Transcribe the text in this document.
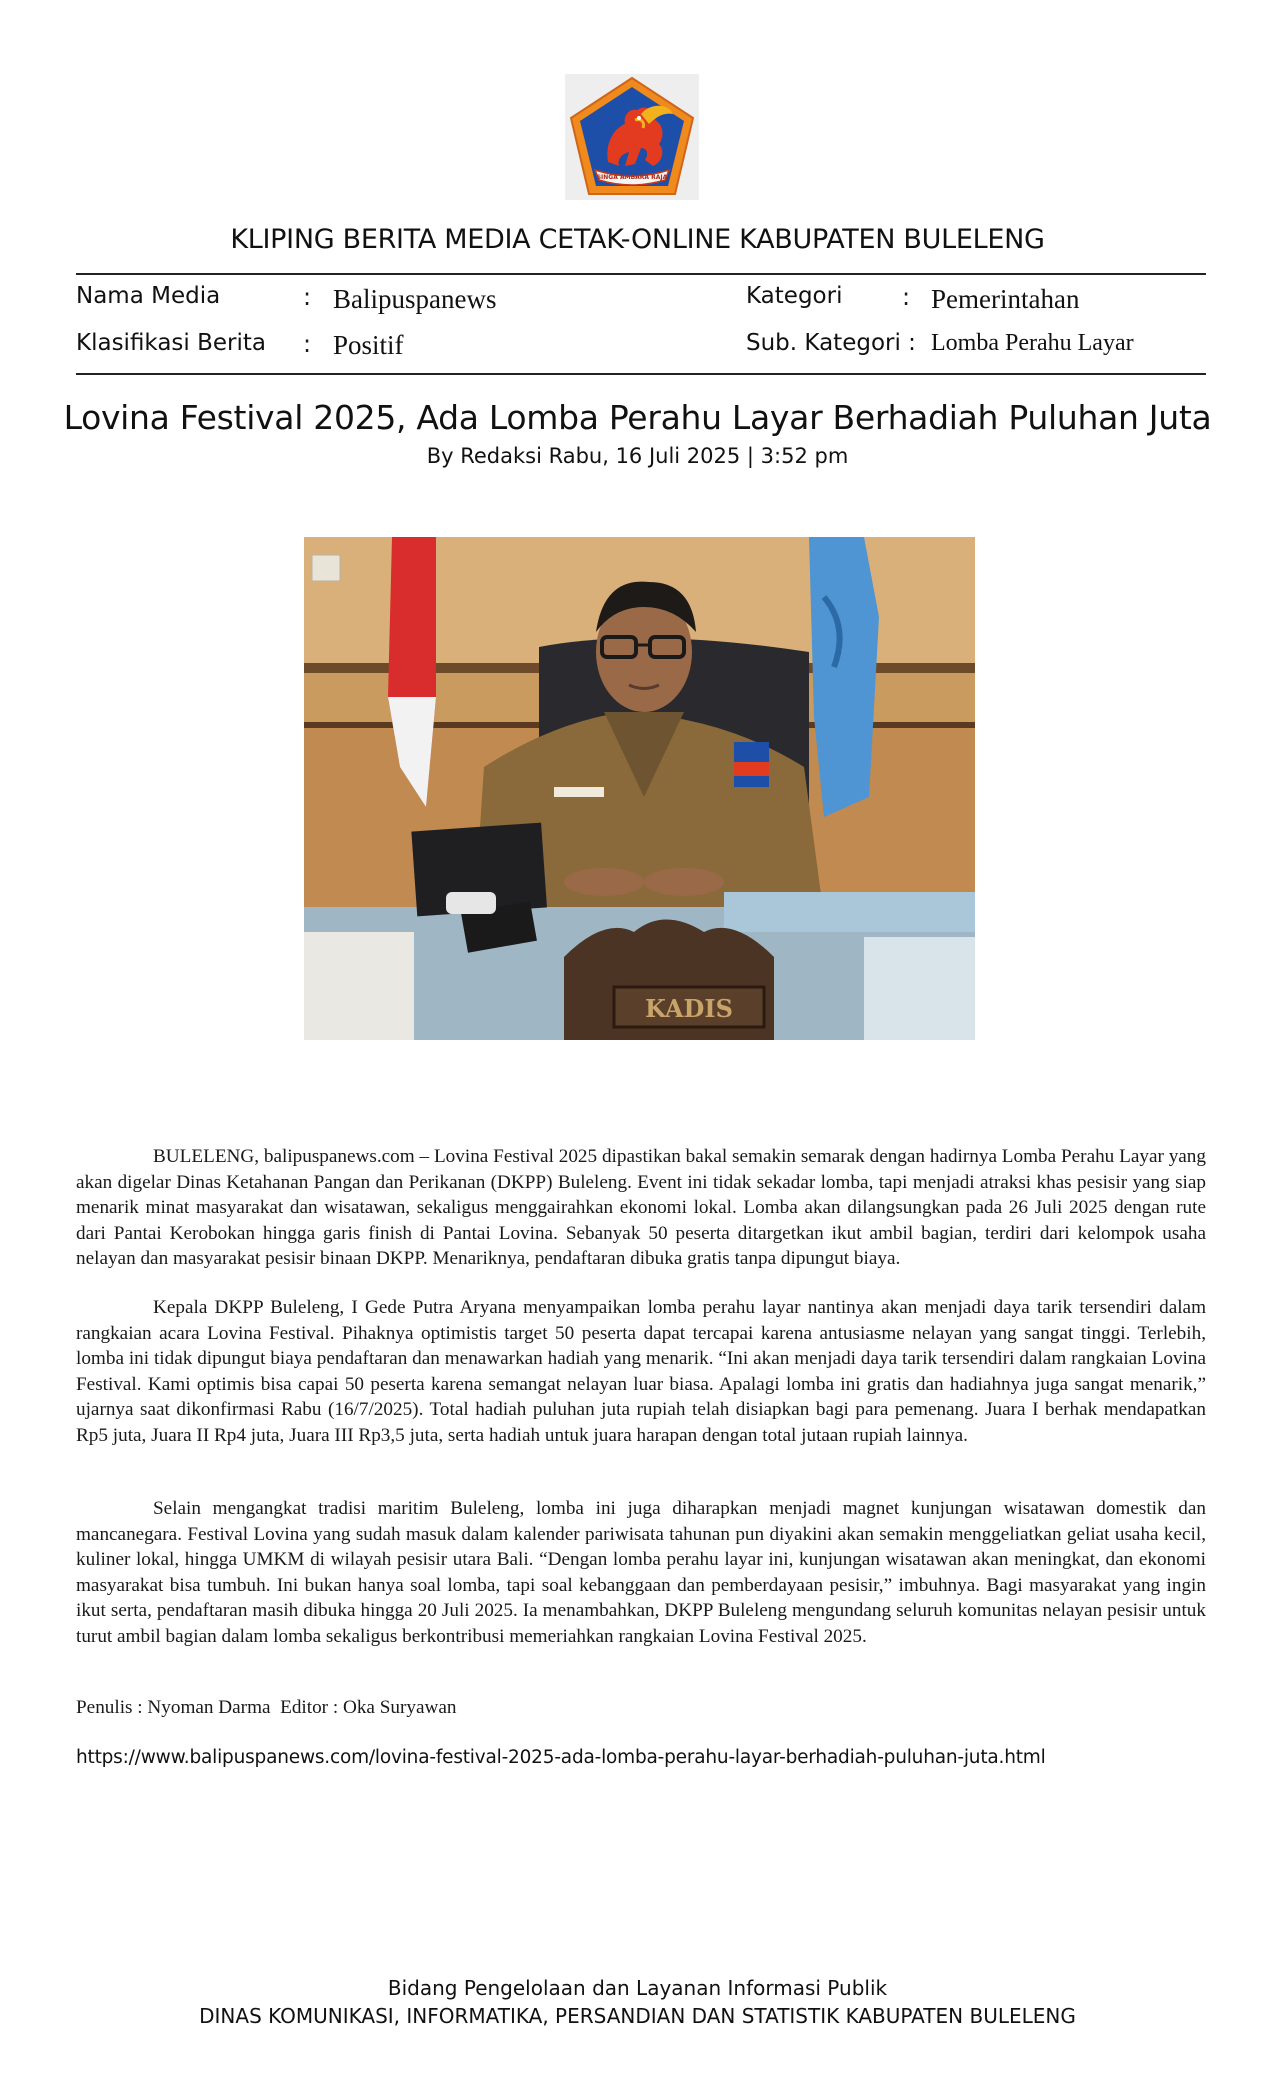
SINGA AMBARA RAJA
KLIPING BERITA MEDIA CETAK-ONLINE KABUPATEN BULELENG
Nama Media	: Balipuspanews
Klasifikasi Berita : Positif
Kategori : Pemerintahan
Sub. Kategori : Lomba Perahu Layar
Lovina Festival 2025, Ada Lomba Perahu Layar Berhadiah Puluhan Juta
By Redaksi Rabu, 16 Juli 2025 | 3:52 pm
KADIS

BULELENG, balipuspanews.com – Lovina Festival 2025 dipastikan bakal semakin semarak dengan hadirnya Lomba Perahu Layar yang akan digelar Dinas Ketahanan Pangan dan Perikanan (DKPP) Buleleng. Event ini tidak sekadar lomba, tapi menjadi atraksi khas pesisir yang siap menarik minat masyarakat dan wisatawan, sekaligus menggairahkan ekonomi lokal. Lomba akan dilangsungkan pada 26 Juli 2025 dengan rute dari Pantai Kerobokan hingga garis finish di Pantai Lovina. Sebanyak 50 peserta ditargetkan ikut ambil bagian, terdiri dari kelompok usaha nelayan dan masyarakat pesisir binaan DKPP. Menariknya, pendaftaran dibuka gratis tanpa dipungut biaya.

Kepala DKPP Buleleng, I Gede Putra Aryana menyampaikan lomba perahu layar nantinya akan menjadi daya tarik tersendiri dalam rangkaian acara Lovina Festival. Pihaknya optimistis target 50 peserta dapat tercapai karena antusiasme nelayan yang sangat tinggi. Terlebih, lomba ini tidak dipungut biaya pendaftaran dan menawarkan hadiah yang menarik. “Ini akan menjadi daya tarik tersendiri dalam rangkaian Lovina Festival. Kami optimis bisa capai 50 peserta karena semangat nelayan luar biasa. Apalagi lomba ini gratis dan hadiahnya juga sangat menarik,” ujarnya saat dikonfirmasi Rabu (16/7/2025). Total hadiah puluhan juta rupiah telah disiapkan bagi para pemenang. Juara I berhak mendapatkan Rp5 juta, Juara II Rp4 juta, Juara III Rp3,5 juta, serta hadiah untuk juara harapan dengan total jutaan rupiah lainnya.

Selain mengangkat tradisi maritim Buleleng, lomba ini juga diharapkan menjadi magnet kunjungan wisatawan domestik dan mancanegara. Festival Lovina yang sudah masuk dalam kalender pariwisata tahunan pun diyakini akan semakin menggeliatkan geliat usaha kecil, kuliner lokal, hingga UMKM di wilayah pesisir utara Bali. “Dengan lomba perahu layar ini, kunjungan wisatawan akan meningkat, dan ekonomi masyarakat bisa tumbuh. Ini bukan hanya soal lomba, tapi soal kebanggaan dan pemberdayaan pesisir,” imbuhnya. Bagi masyarakat yang ingin ikut serta, pendaftaran masih dibuka hingga 20 Juli 2025. Ia menambahkan, DKPP Buleleng mengundang seluruh komunitas nelayan pesisir untuk turut ambil bagian dalam lomba sekaligus berkontribusi memeriahkan rangkaian Lovina Festival 2025.

Penulis : Nyoman Darma  Editor : Oka Suryawan
https://www.balipuspanews.com/lovina-festival-2025-ada-lomba-perahu-layar-berhadiah-puluhan-juta.html
Bidang Pengelolaan dan Layanan Informasi Publik
DINAS KOMUNIKASI, INFORMATIKA, PERSANDIAN DAN STATISTIK KABUPATEN BULELENG
